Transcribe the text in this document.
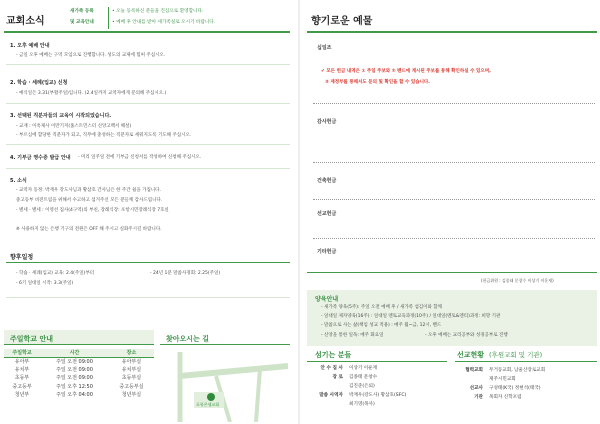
교회소식
새가족 등록
및 교육안내
• 오늘 등록하신 분들을 진심으로 환영합니다.
• 예배 후 안내를 받아 새가족실로 오시기 바랍니다.
1. 오후 예배 안내
- 금일 오후 예배는 구역 모임으로 진행합니다. 성도의 교제에 힘써 주십시오.
2. 학습 · 세례(입교) 신청
- 예식일은 3.31(부활주일)입니다. (2.4일까지 교역자에게 문의해 주십시오.)
3. 선택된 직분자들의 교육이 시작되었습니다.
- 교재 : 이옥제사 이만기저(홈스트민스터 신앙고백서 해설)
- 부르심에 합당한 직분자가 되고, 직무에 충성하는 직분자로 세워지도록 기도해 주십시오.
4. 기부금 영수증 발급 안내 - 미리 일주일 전에 기부금 신청서를 작성하여 신청해 주십시오.
5. 소식
- 교역자 동정: 박재우 강도사님과 황삼호 간사님은 한 주간 쉼을 가집니다.
중고등부 비전트립을 위해서 수고하고 섬겨주신 모든 분들께 감사드립니다.
- 별세 · 별세 : 이영선 집사(4구역)의 부친, 장례식장: 포항시민장례식장 7호실
※ 사용하지 않는 은행 기구의 전원은 OFF 해 주시고 실화주시길 바랍니다.
향후일정
- 학습 · 세례(입교) 교육: 2.4(주일)부터	- 24년 1분 말씀사경회: 2.25(주일)
- 6기 일대일 시작: 3.3(주일)
주일학교 안내
주일학교	시간	장소
유아부	주일 오전 09:00	유아부실
유치부	주일 오전 09:00	유치부실
초등부	주일 오전 09:00	초등부실
중고등부	주일 오후 12:50	중고등부실
청년부	주일 오후 04:00	청년부실
찾아오시는 길
포항온샘교회
향기로운 예물
십일조
✔ 모든 헌금 내역은 ① 주일 주보와 ② 밴드에 게시된 주보를 통해 확인하실 수 있으며,
③ 재정부를 통해서도 문의 및 확인을 할 수 있습니다.
감사헌금
건축헌금
선교헌금
기타헌금
(헌금위원 : 김종태 문창수 이상기 이운재)
양육안내
- 새가족 양육(5주): 주일 오전 예배 후 / 새가족 섬김이와 함께
- 일대일 제자양육(16주) : 일대일 멘토교육과정(10주) / 일대일(멘토&멘티)과정: 희망 기관
- 말씀으로 사는 삶(책임 성교 적용) : 매주 월~금, 12시, 밴드
- 신앙을 통한 일독: 매주 화요일	- 오후 예배는 교리공부와 성경공부로 진행
섬기는 분들
안 수 집 사	이상기 이운재
장 로	김종태 문창수
김진준(은퇴)
말씀 사역자	박재우(강도사) 황삼호(SFC)
최기영(목사)
선교현황 (후원교회 및 기관)
협력교회	무거동교회, 남울산장로교회
제주시민교회
선교사	구성태(K국) 정현석(태국)
기관	목회자 신학포럼
